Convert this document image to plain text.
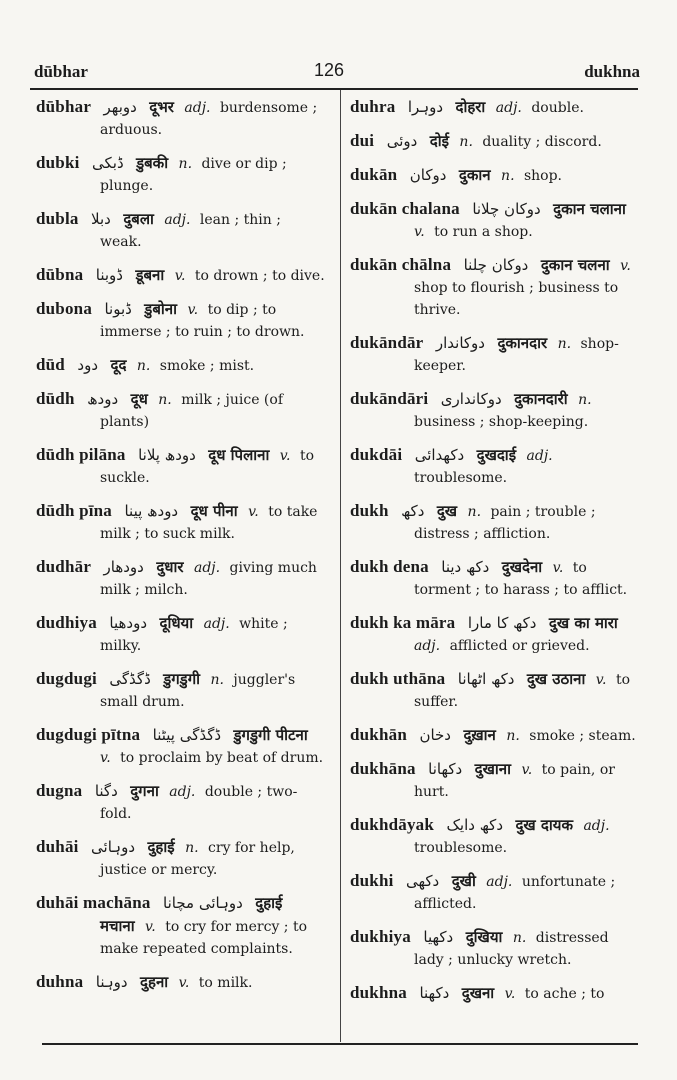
dūbhar	126	dukhna
dūbhar دوبھر दूभर adj. burdensome ; arduous.
dubki ڈبکی डुबकी n. dive or dip ; plunge.
dubla دبلا दुबला adj. lean ; thin ; weak.
dūbna ڈوبنا डूबना v. to drown ; to dive.
dubona ڈبونا डुबोना v. to dip ; to immerse ; to ruin ; to drown.
dūd دود दूद n. smoke ; mist.
dūdh دودھ दूध n. milk ; juice (of plants)
dūdh pilāna دودھ پلانا दूध पिलाना v. to suckle.
dūdh pīna دودھ پینا दूध पीना v. to take milk ; to suck milk.
dudhār دودھار दुधार adj. giving much milk ; milch.
dudhiya دودھیا दूधिया adj. white ; milky.
dugdugi ڈگڈگی डुगडुगी n. juggler's small drum.
dugdugi pītna ڈگڈگی پیٹنا डुगडुगी पीटना v. to proclaim by beat of drum.
dugna دگنا दुगना adj. double ; two-fold.
duhāi دوہائی दुहाई n. cry for help, justice or mercy.
duhāi machāna دوہائی مچانا दुहाई मचाना v. to cry for mercy ; to make repeated complaints.
duhna دوہنا दुहना v. to milk.
duhra دوہرا दोहरा adj. double.
dui دوئی दोई n. duality ; discord.
dukān دوکان दुकान n. shop.
dukān chalana دوکان چلانا दुकान चलाना v. to run a shop.
dukān chālna دوکان چلنا दुकान चलना v. shop to flourish ; business to thrive.
dukāndār دوکاندار दुकानदार n. shop-keeper.
dukāndāri دوکانداری दुकानदारी n. business ; shop-keeping.
dukdāi دکھدائی दुखदाई adj. troublesome.
dukh دکھ दुख n. pain ; trouble ; distress ; affliction.
dukh dena دکھ دینا दुखदेना v. to torment ; to harass ; to afflict.
dukh ka māra دکھ کا مارا दुख का मारा adj. afflicted or grieved.
dukh uthāna دکھ اٹھانا दुख उठाना v. to suffer.
dukhān دخان दुख़ान n. smoke ; steam.
dukhāna دکھانا दुखाना v. to pain, or hurt.
dukhdāyak دکھ دایک दुख दायक adj. troublesome.
dukhi دکھی दुखी adj. unfortunate ; afflicted.
dukhiya دکھیا दुखिया n. distressed lady ; unlucky wretch.
dukhna دکھنا दुखना v. to ache ; to
